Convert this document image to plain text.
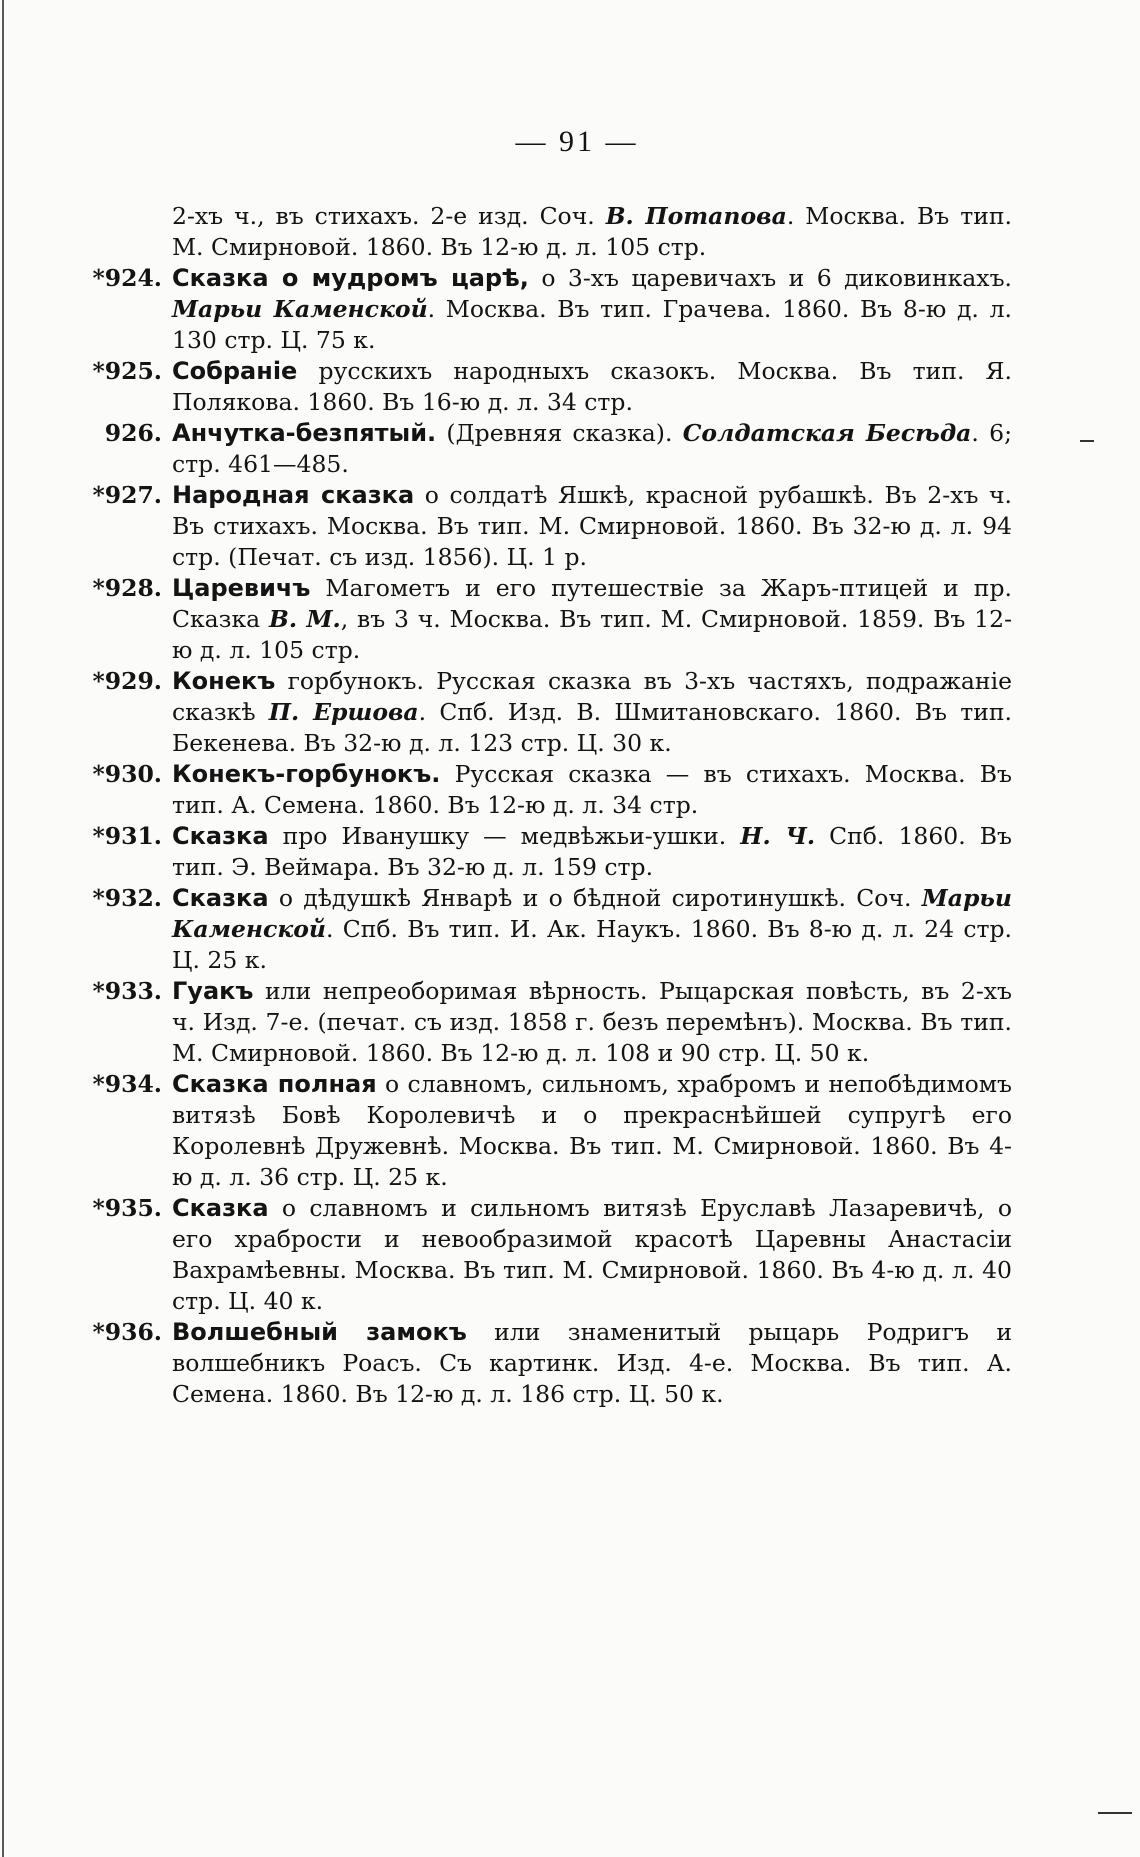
— 91 —
2-хъ ч., въ стихахъ. 2-е изд. Соч. В. Потапова. Москва. Въ тип. М. Смирновой. 1860. Въ 12-ю д. л. 105 стр.
*924. Сказка о мудромъ царѣ, о 3-хъ царевичахъ и 6 диковинкахъ. Марьи Каменской. Москва. Въ тип. Грачева. 1860. Въ 8-ю д. л. 130 стр. Ц. 75 к.
*925. Собраніе русскихъ народныхъ сказокъ. Москва. Въ тип. Я. Полякова. 1860. Въ 16-ю д. л. 34 стр.
926. Анчутка-безпятый. (Древняя сказка). Солдатская Бесѣда. 6; стр. 461—485.
*927. Народная сказка о солдатѣ Яшкѣ, красной рубашкѣ. Въ 2-хъ ч. Въ стихахъ. Москва. Въ тип. М. Смирновой. 1860. Въ 32-ю д. л. 94 стр. (Печат. съ изд. 1856). Ц. 1 р.
*928. Царевичъ Магометъ и его путешествіе за Жаръ-птицей и пр. Сказка В. М., въ 3 ч. Москва. Въ тип. М. Смирновой. 1859. Въ 12-ю д. л. 105 стр.
*929. Конекъ горбунокъ. Русская сказка въ 3-хъ частяхъ, подражаніе сказкѣ П. Ершова. Спб. Изд. В. Шмитановскаго. 1860. Въ тип. Бекенева. Въ 32-ю д. л. 123 стр. Ц. 30 к.
*930. Конекъ-горбунокъ. Русская сказка — въ стихахъ. Москва. Въ тип. А. Семена. 1860. Въ 12-ю д. л. 34 стр.
*931. Сказка про Иванушку — медвѣжьи-ушки. Н. Ч. Спб. 1860. Въ тип. Э. Веймара. Въ 32-ю д. л. 159 стр.
*932. Сказка о дѣдушкѣ Январѣ и о бѣдной сиротинушкѣ. Соч. Марьи Каменской. Спб. Въ тип. И. Ак. Наукъ. 1860. Въ 8-ю д. л. 24 стр. Ц. 25 к.
*933. Гуакъ или непреоборимая вѣрность. Рыцарская повѣсть, въ 2-хъ ч. Изд. 7-е. (печат. съ изд. 1858 г. безъ перемѣнъ). Москва. Въ тип. М. Смирновой. 1860. Въ 12-ю д. л. 108 и 90 стр. Ц. 50 к.
*934. Сказка полная о славномъ, сильномъ, храбромъ и непобѣдимомъ витязѣ Бовѣ Королевичѣ и о прекраснѣйшей супругѣ его Королевнѣ Дружевнѣ. Москва. Въ тип. М. Смирновой. 1860. Въ 4-ю д. л. 36 стр. Ц. 25 к.
*935. Сказка о славномъ и сильномъ витязѣ Еруславѣ Лазаревичѣ, о его храбрости и невообразимой красотѣ Царевны Анастасіи Вахрамѣевны. Москва. Въ тип. М. Смирновой. 1860. Въ 4-ю д. л. 40 стр. Ц. 40 к.
*936. Волшебный замокъ или знаменитый рыцарь Родригъ и волшебникъ Роасъ. Съ картинк. Изд. 4-е. Москва. Въ тип. А. Семена. 1860. Въ 12-ю д. л. 186 стр. Ц. 50 к.
